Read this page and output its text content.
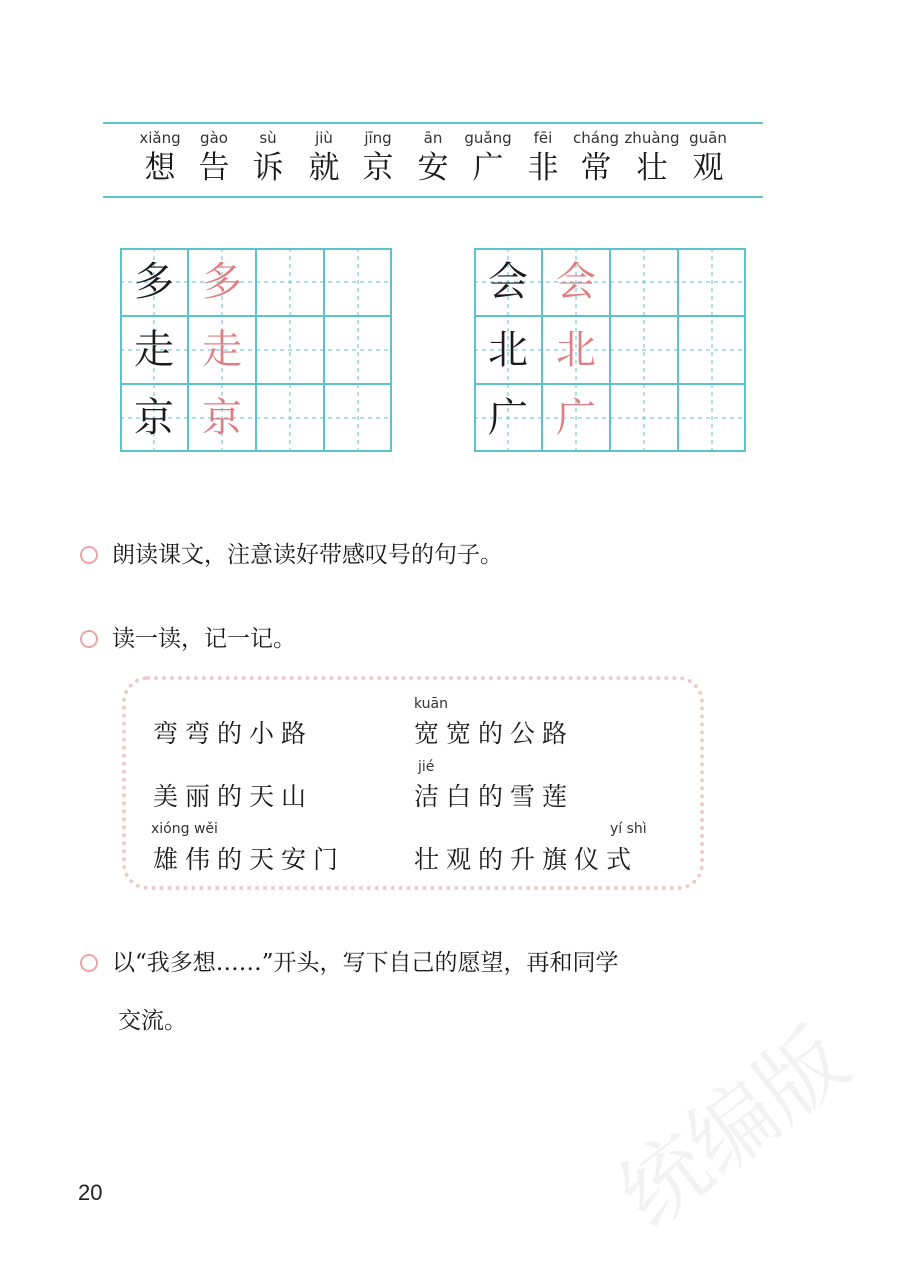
xiǎng
想
gào
告
sù
诉
jiù
就
jīng
京
ān
安
guǎng
广
fēi
非
cháng
常
zhuàng
壮
guān
观
多 多
走 走
京 京
会 会
北 北
广 广
朗读课文，注意读好带感叹号的句子。
读一读，记一记。
kuān
弯弯的小路	宽宽的公路
jié
美丽的天山	洁白的雪莲
xióng wěi	yí shì
雄伟的天安门	壮观的升旗仪式
以“我多想……”开头，写下自己的愿望，再和同学
交流。	统编版
20
